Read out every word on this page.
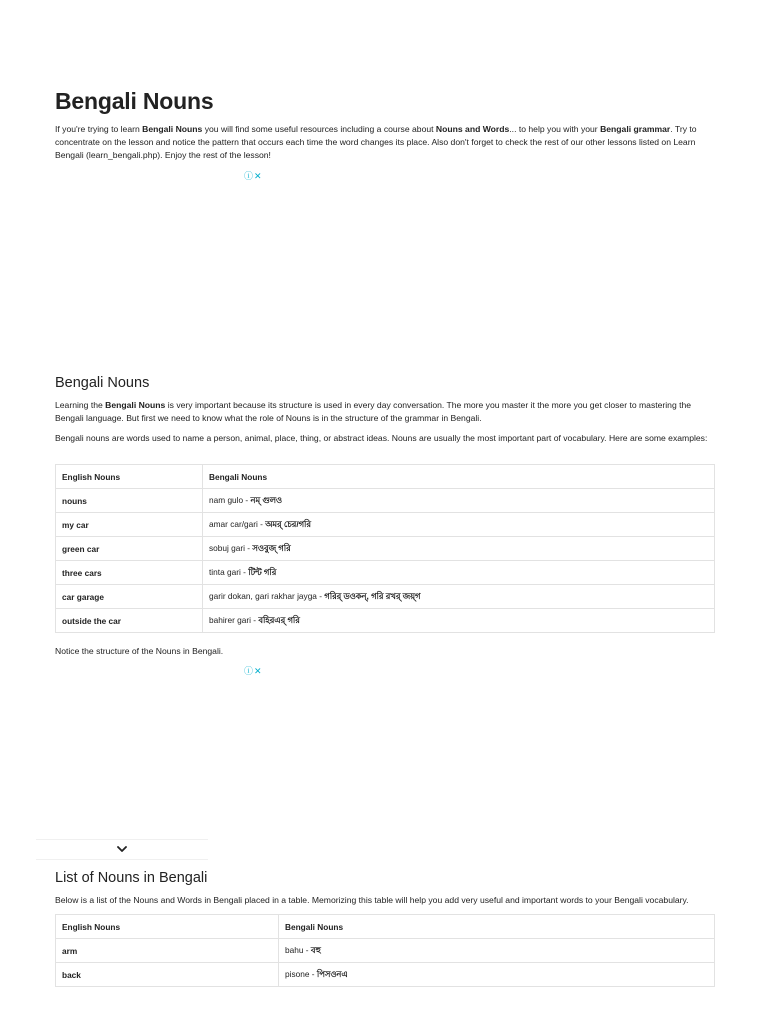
Bengali Nouns

If you're trying to learn Bengali Nouns you will find some useful resources including a course about Nouns and Words... to help you with your Bengali grammar. Try to concentrate on the lesson and notice the pattern that occurs each time the word changes its place. Also don't forget to check the rest of our other lessons listed on Learn Bengali (learn_bengali.php). Enjoy the rest of the lesson!

ⓘ✕
Bengali Nouns

Learning the Bengali Nouns is very important because its structure is used in every day conversation. The more you master it the more you get closer to mastering the Bengali language. But first we need to know what the role of Nouns is in the structure of the grammar in Bengali.

Bengali nouns are words used to name a person, animal, place, thing, or abstract ideas. Nouns are usually the most important part of vocabulary. Here are some examples:

English Nouns	Bengali Nouns
nouns	nam gulo - নম্ গুলও
my car	amar car/gari - অমর্ চের/গরি
green car	sobuj gari - সওবুজ্ গরি
three cars	tinta gari - টিন্ট গরি
car garage	garir dokan, gari rakhar jayga - গরির্ ডওকন্, গরি রখর্ জয়্গ
outside the car	bahirer gari - বহিরএর্ গরি

Notice the structure of the Nouns in Bengali.

ⓘ✕
List of Nouns in Bengali

Below is a list of the Nouns and Words in Bengali placed in a table. Memorizing this table will help you add very useful and important words to your Bengali vocabulary.

English Nouns	Bengali Nouns
arm	bahu - বহু
back	pisone - পিসওনএ
